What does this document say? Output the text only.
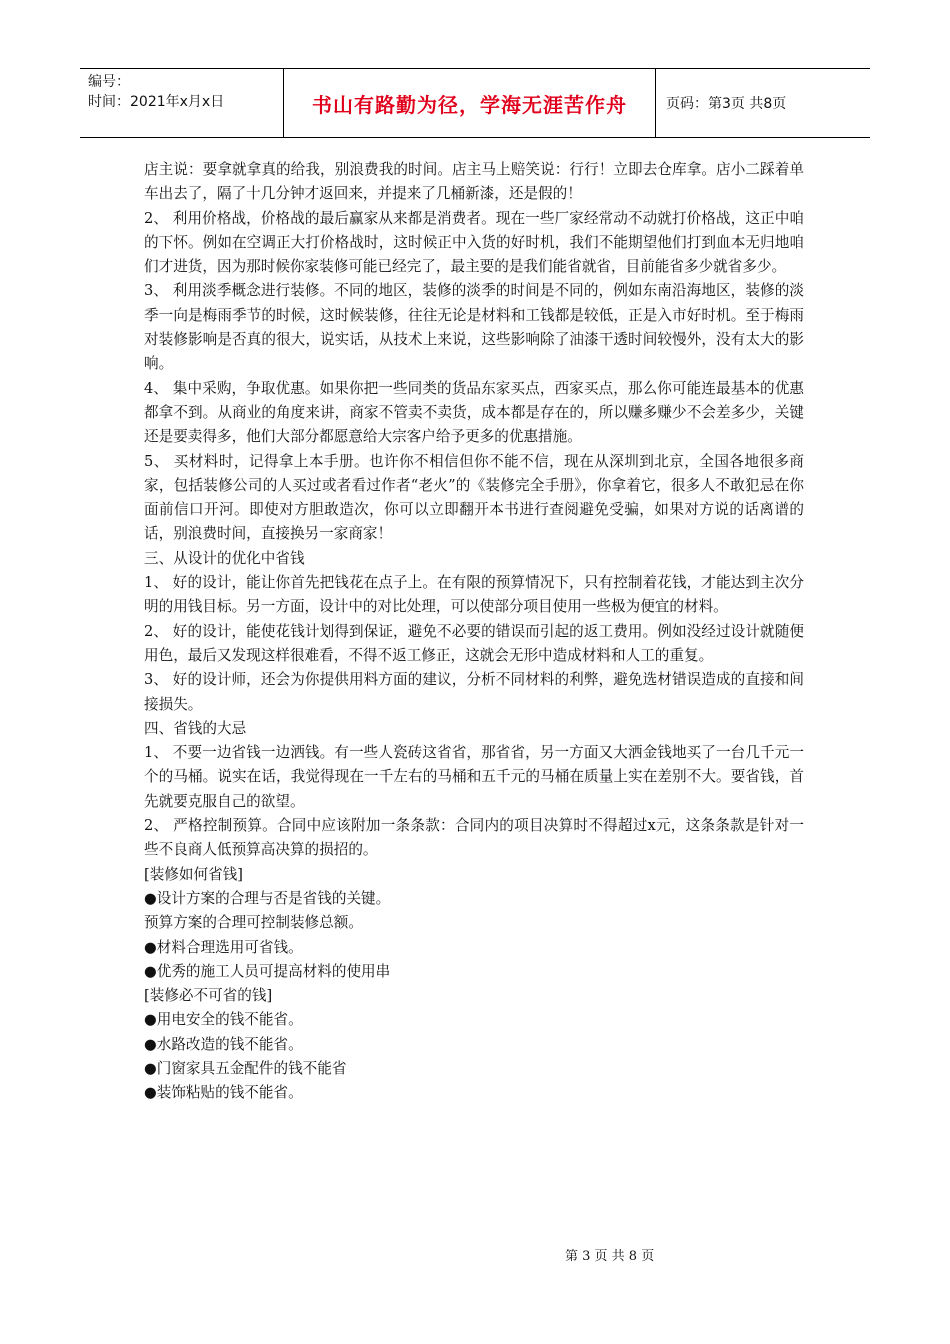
编号：
时间：2021年x月x日	书山有路勤为径，学海无涯苦作舟	页码：第3页 共8页

店主说：要拿就拿真的给我，别浪费我的时间。店主马上赔笑说：行行！立即去仓库拿。店小二踩着单车出去了，隔了十几分钟才返回来，并提来了几桶新漆，还是假的！

2、 利用价格战，价格战的最后赢家从来都是消费者。现在一些厂家经常动不动就打价格战，这正中咱的下怀。例如在空调正大打价格战时，这时候正中入货的好时机，我们不能期望他们打到血本无归地咱们才进货，因为那时候你家装修可能已经完了，最主要的是我们能省就省，目前能省多少就省多少。

3、 利用淡季概念进行装修。不同的地区，装修的淡季的时间是不同的，例如东南沿海地区，装修的淡季一向是梅雨季节的时候，这时候装修，往往无论是材料和工钱都是较低，正是入市好时机。至于梅雨对装修影响是否真的很大，说实话，从技术上来说，这些影响除了油漆干透时间较慢外，没有太大的影响。

4、 集中采购，争取优惠。如果你把一些同类的货品东家买点，西家买点，那么你可能连最基本的优惠都拿不到。从商业的角度来讲，商家不管卖不卖货，成本都是存在的，所以赚多赚少不会差多少，关键还是要卖得多，他们大部分都愿意给大宗客户给予更多的优惠措施。

5、 买材料时，记得拿上本手册。也许你不相信但你不能不信，现在从深圳到北京，全国各地很多商家，包括装修公司的人买过或者看过作者“老火”的《装修完全手册》，你拿着它，很多人不敢犯忌在你面前信口开河。即使对方胆敢造次，你可以立即翻开本书进行查阅避免受骗，如果对方说的话离谱的话，别浪费时间，直接换另一家商家！

三、从设计的优化中省钱

1、 好的设计，能让你首先把钱花在点子上。在有限的预算情况下，只有控制着花钱，才能达到主次分明的用钱目标。另一方面，设计中的对比处理，可以使部分项目使用一些极为便宜的材料。

2、 好的设计，能使花钱计划得到保证，避免不必要的错误而引起的返工费用。例如没经过设计就随便用色，最后又发现这样很难看，不得不返工修正，这就会无形中造成材料和人工的重复。

3、 好的设计师，还会为你提供用料方面的建议，分析不同材料的利弊，避免选材错误造成的直接和间接损失。

四、省钱的大忌

1、 不要一边省钱一边洒钱。有一些人瓷砖这省省，那省省，另一方面又大洒金钱地买了一台几千元一个的马桶。说实在话，我觉得现在一千左右的马桶和五千元的马桶在质量上实在差别不大。要省钱，首先就要克服自己的欲望。

2、 严格控制预算。合同中应该附加一条条款：合同内的项目决算时不得超过x元，这条条款是针对一些不良商人低预算高决算的损招的。

[装修如何省钱]

●设计方案的合理与否是省钱的关键。

预算方案的合理可控制装修总额。

●材料合理选用可省钱。

●优秀的施工人员可提高材料的使用串

[装修必不可省的钱]

●用电安全的钱不能省。

●水路改造的钱不能省。

●门窗家具五金配件的钱不能省

●装饰粘贴的钱不能省。

第 3 页 共 8 页
